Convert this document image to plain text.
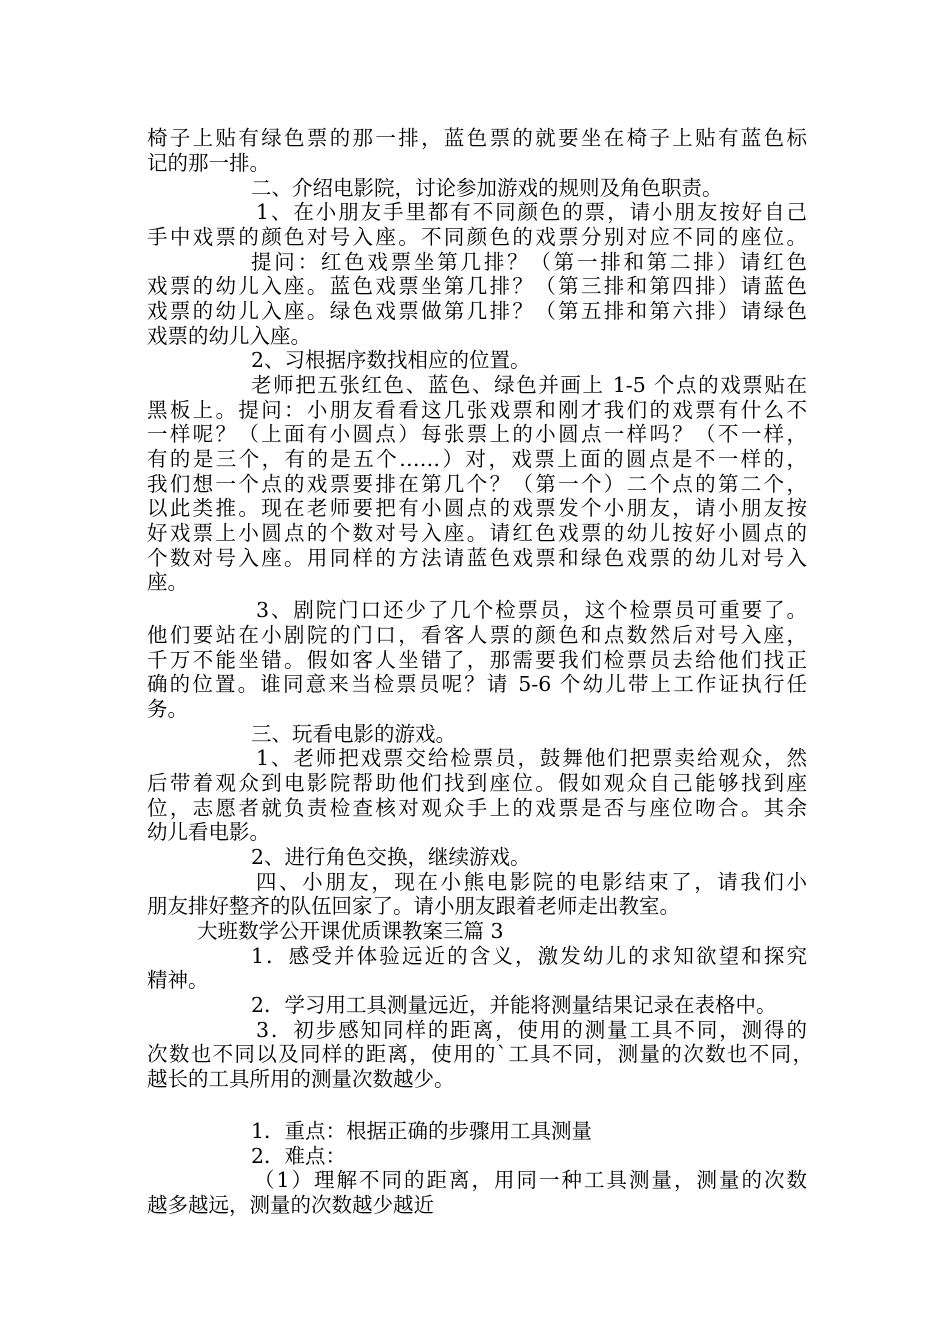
椅子上贴有绿色票的那一排，蓝色票的就要坐在椅子上贴有蓝色标
记的那一排。
二、介绍电影院，讨论参加游戏的规则及角色职责。
1、在小朋友手里都有不同颜色的票，请小朋友按好自己
手中戏票的颜色对号入座。不同颜色的戏票分别对应不同的座位。
提问：红色戏票坐第几排？（第一排和第二排）请红色
戏票的幼儿入座。蓝色戏票坐第几排？（第三排和第四排）请蓝色
戏票的幼儿入座。绿色戏票做第几排？（第五排和第六排）请绿色
戏票的幼儿入座。
2、习根据序数找相应的位置。
老师把五张红色、蓝色、绿色并画上 1-5 个点的戏票贴在
黑板上。提问：小朋友看看这几张戏票和刚才我们的戏票有什么不
一样呢？（上面有小圆点）每张票上的小圆点一样吗？（不一样，
有的是三个，有的是五个……）对，戏票上面的圆点是不一样的，
我们想一个点的戏票要排在第几个？（第一个）二个点的第二个，
以此类推。现在老师要把有小圆点的戏票发个小朋友，请小朋友按
好戏票上小圆点的个数对号入座。请红色戏票的幼儿按好小圆点的
个数对号入座。用同样的方法请蓝色戏票和绿色戏票的幼儿对号入
座。
3、剧院门口还少了几个检票员，这个检票员可重要了。
他们要站在小剧院的门口，看客人票的颜色和点数然后对号入座，
千万不能坐错。假如客人坐错了，那需要我们检票员去给他们找正
确的位置。谁同意来当检票员呢？请 5-6 个幼儿带上工作证执行任
务。
三、玩看电影的游戏。
1、老师把戏票交给检票员，鼓舞他们把票卖给观众，然
后带着观众到电影院帮助他们找到座位。假如观众自己能够找到座
位，志愿者就负责检查核对观众手上的戏票是否与座位吻合。其余
幼儿看电影。
2、进行角色交换，继续游戏。
四、小朋友，现在小熊电影院的电影结束了，请我们小
朋友排好整齐的队伍回家了。请小朋友跟着老师走出教室。
大班数学公开课优质课教案三篇 3
1．感受并体验远近的含义，激发幼儿的求知欲望和探究
精神。
2．学习用工具测量远近，并能将测量结果记录在表格中。
3．初步感知同样的距离，使用的测量工具不同，测得的
次数也不同以及同样的距离，使用的`工具不同，测量的次数也不同，
越长的工具所用的测量次数越少。
1．重点：根据正确的步骤用工具测量
2．难点：
（1）理解不同的距离，用同一种工具测量，测量的次数
越多越远，测量的次数越少越近
